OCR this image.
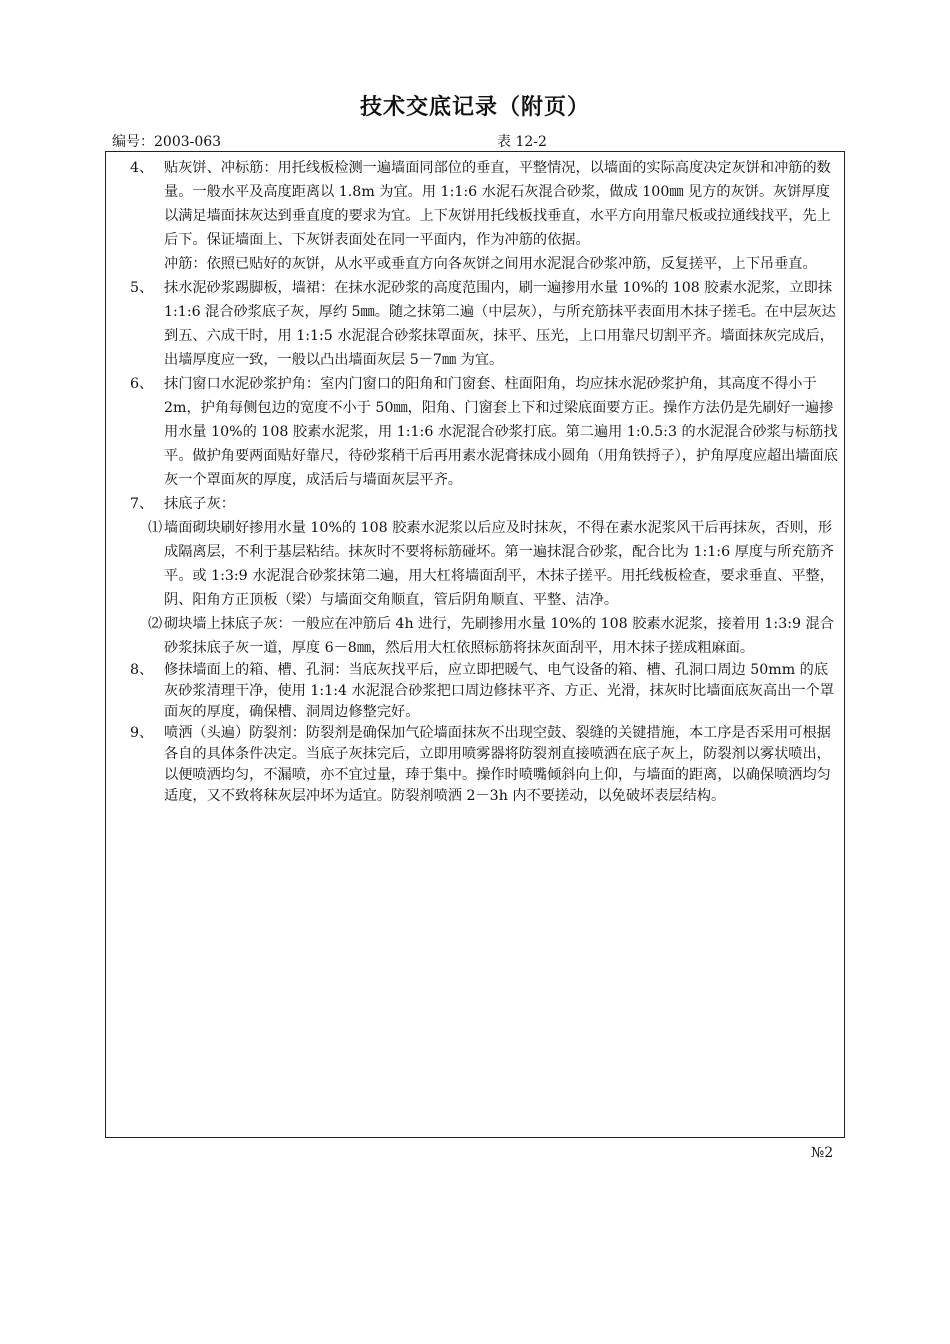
技术交底记录（附页）
编号：2003-063	表 12-2
4、 贴灰饼、冲标筋：用托线板检测一遍墙面同部位的垂直，平整情况，以墙面的实际高度决定灰饼和冲筋的数量。一般水平及高度距离以 1.8m 为宜。用 1:1:6 水泥石灰混合砂浆，做成 100㎜ 见方的灰饼。灰饼厚度以满足墙面抹灰达到垂直度的要求为宜。上下灰饼用托线板找垂直，水平方向用靠尺板或拉通线找平，先上后下。保证墙面上、下灰饼表面处在同一平面内，作为冲筋的依据。
冲筋：依照已贴好的灰饼，从水平或垂直方向各灰饼之间用水泥混合砂浆冲筋，反复搓平，上下吊垂直。
5、 抹水泥砂浆踢脚板，墙裙：在抹水泥砂浆的高度范围内，刷一遍掺用水量 10%的 108 胶素水泥浆，立即抹 1:1:6 混合砂浆底子灰，厚约 5㎜。随之抹第二遍（中层灰），与所充筋抹平表面用木抹子搓毛。在中层灰达到五、六成干时，用 1:1:5 水泥混合砂浆抹罩面灰，抹平、压光，上口用靠尺切割平齐。墙面抹灰完成后，出墙厚度应一致，一般以凸出墙面灰层 5－7㎜ 为宜。
6、 抹门窗口水泥砂浆护角：室内门窗口的阳角和门窗套、柱面阳角，均应抹水泥砂浆护角，其高度不得小于 2m，护角每侧包边的宽度不小于 50㎜，阳角、门窗套上下和过梁底面要方正。操作方法仍是先刷好一遍掺用水量 10%的 108 胶素水泥浆，用 1:1:6 水泥混合砂浆打底。第二遍用 1:0.5:3 的水泥混合砂浆与标筋找平。做护角要两面贴好靠尺，待砂浆稍干后再用素水泥膏抹成小圆角（用角铁捋子），护角厚度应超出墙面底灰一个罩面灰的厚度，成活后与墙面灰层平齐。
7、 抹底子灰：
⑴ 墙面砌块刷好掺用水量 10%的 108 胶素水泥浆以后应及时抹灰，不得在素水泥浆风干后再抹灰，否则，形成隔离层，不利于基层粘结。抹灰时不要将标筋碰坏。第一遍抹混合砂浆，配合比为 1:1:6 厚度与所充筋齐平。或 1:3:9 水泥混合砂浆抹第二遍，用大杠将墙面刮平，木抹子搓平。用托线板检查，要求垂直、平整，阴、阳角方正顶板（梁）与墙面交角顺直，管后阴角顺直、平整、洁净。
⑵ 砌块墙上抹底子灰：一般应在冲筋后 4h 进行，先刷掺用水量 10%的 108 胶素水泥浆，接着用 1:3:9 混合砂浆抹底子灰一道，厚度 6－8㎜，然后用大杠依照标筋将抹灰面刮平，用木抹子搓成粗麻面。
8、 修抹墙面上的箱、槽、孔洞：当底灰找平后，应立即把暖气、电气设备的箱、槽、孔洞口周边 50mm 的底灰砂浆清理干净，使用 1:1:4 水泥混合砂浆把口周边修抹平齐、方正、光滑，抹灰时比墙面底灰高出一个罩面灰的厚度，确保槽、洞周边修整完好。
9、 喷洒（头遍）防裂剂：防裂剂是确保加气砼墙面抹灰不出现空鼓、裂缝的关键措施，本工序是否采用可根据各自的具体条件决定。当底子灰抹完后，立即用喷雾器将防裂剂直接喷洒在底子灰上，防裂剂以雾状喷出，以便喷洒均匀，不漏喷，亦不宜过量，琫于集中。操作时喷嘴倾斜向上仰，与墙面的距离，以确保喷洒均匀适度，又不致将秣灰层冲坏为适宜。防裂剂喷洒 2－3h 内不要搓动，以免破坏表层结构。
№2
